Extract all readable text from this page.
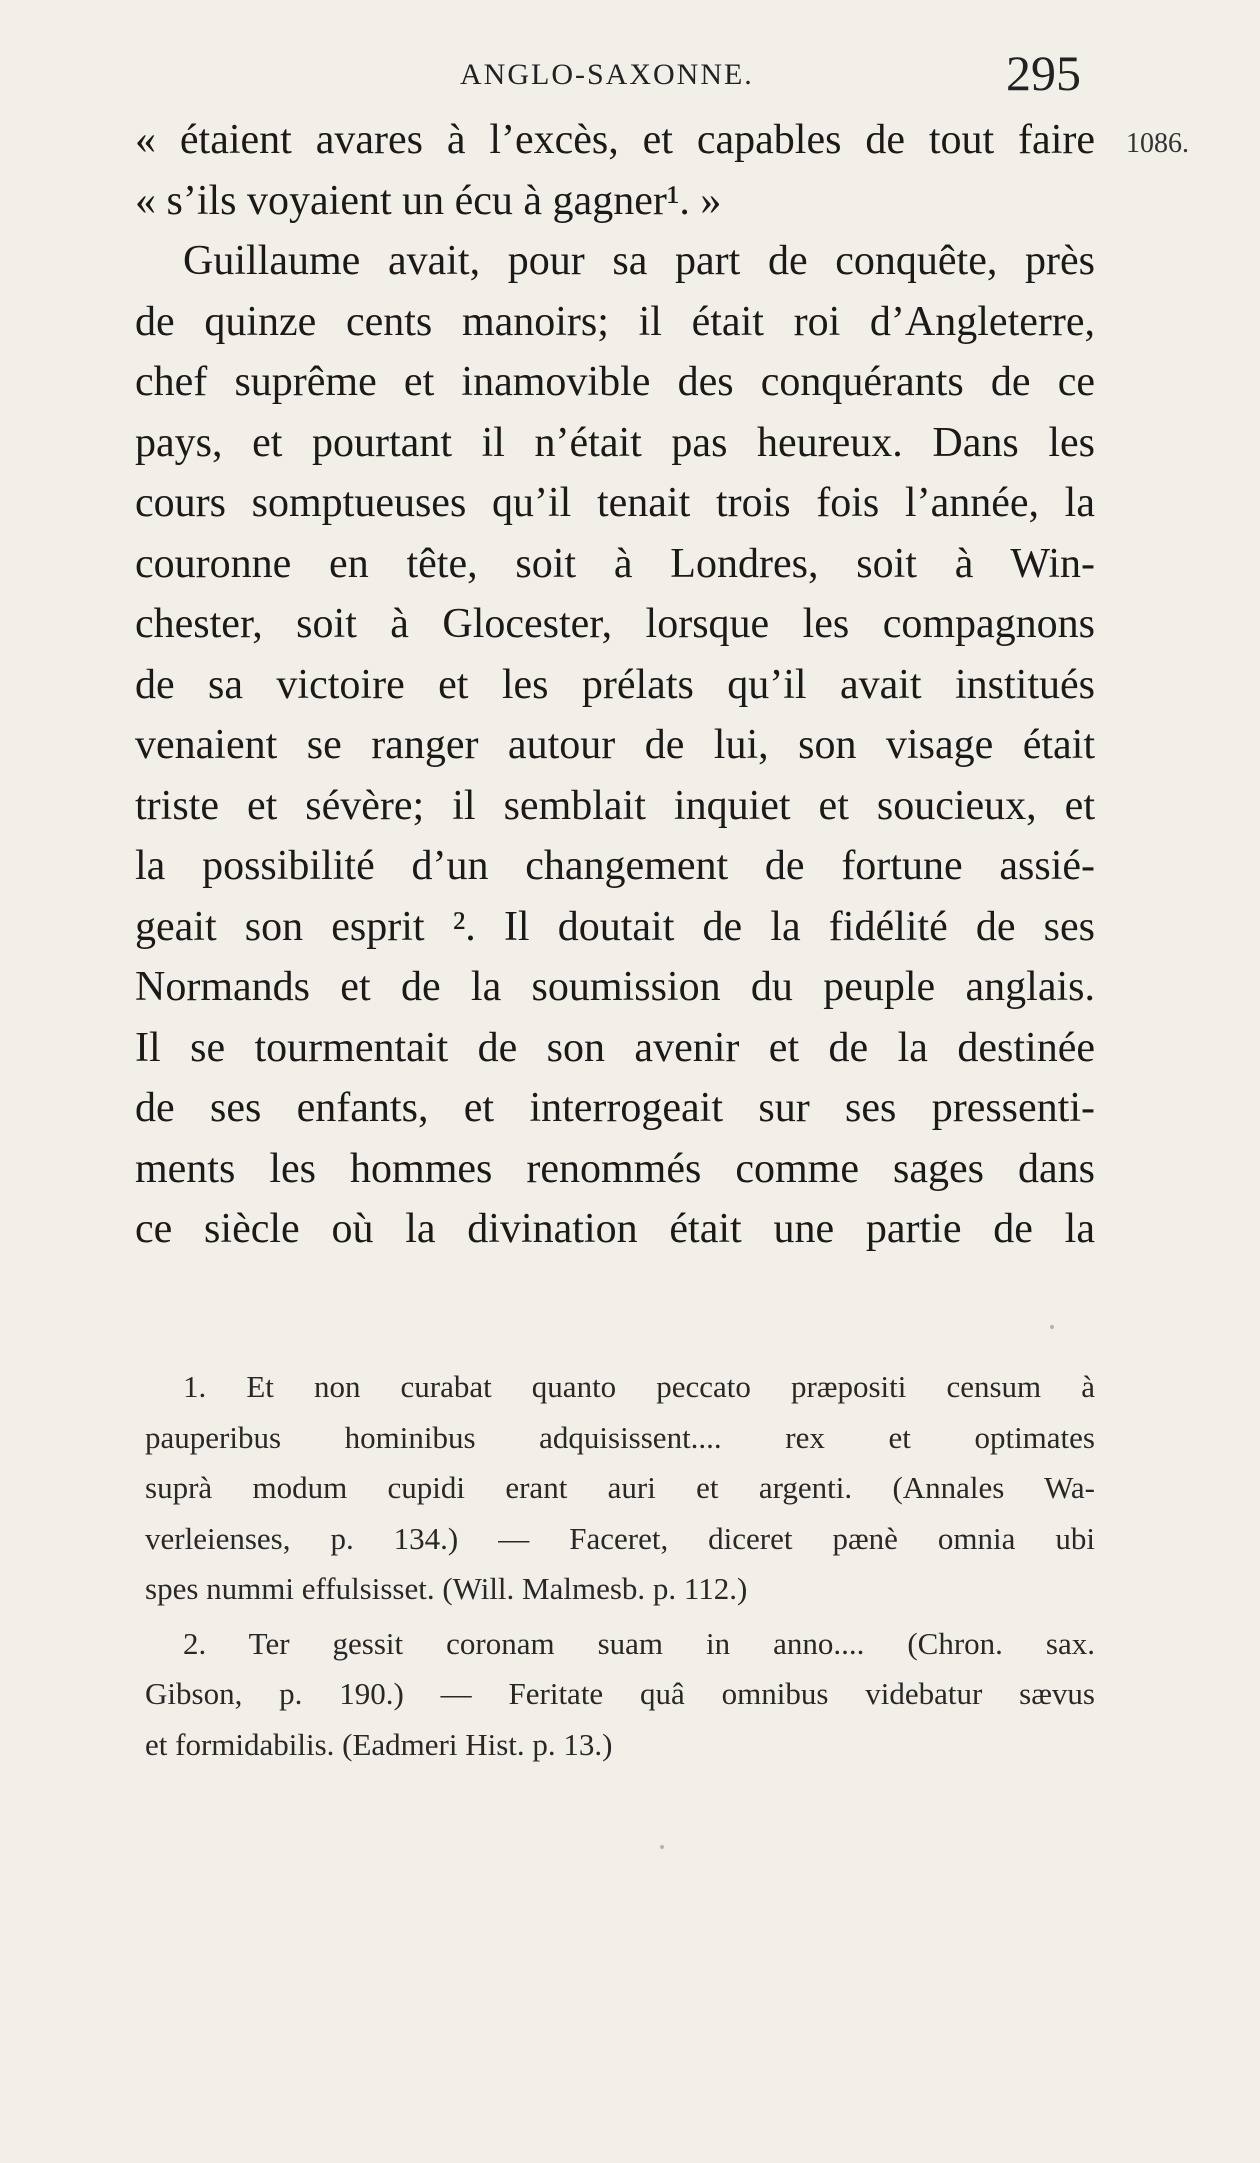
ANGLO-SAXONNE.	295
1086.
« étaient avares à l’excès, et capables de tout faire
« s’ils voyaient un écu à gagner¹. »
Guillaume avait, pour sa part de conquête, près
de quinze cents manoirs; il était roi d’Angleterre,
chef suprême et inamovible des conquérants de ce
pays, et pourtant il n’était pas heureux. Dans les
cours somptueuses qu’il tenait trois fois l’année, la
couronne en tête, soit à Londres, soit à Win-
chester, soit à Glocester, lorsque les compagnons
de sa victoire et les prélats qu’il avait institués
venaient se ranger autour de lui, son visage était
triste et sévère; il semblait inquiet et soucieux, et
la possibilité d’un changement de fortune assié-
geait son esprit ². Il doutait de la fidélité de ses
Normands et de la soumission du peuple anglais.
Il se tourmentait de son avenir et de la destinée
de ses enfants, et interrogeait sur ses pressenti-
ments les hommes renommés comme sages dans
ce siècle où la divination était une partie de la
1. Et non curabat quanto peccato præpositi censum à
pauperibus hominibus adquisissent.... rex et optimates
suprà modum cupidi erant auri et argenti. (Annales Wa-
verleienses, p. 134.) — Faceret, diceret pænè omnia ubi
spes nummi effulsisset. (Will. Malmesb. p. 112.)
2. Ter gessit coronam suam in anno.... (Chron. sax.
Gibson, p. 190.) — Feritate quâ omnibus videbatur sævus
et formidabilis. (Eadmeri Hist. p. 13.)
